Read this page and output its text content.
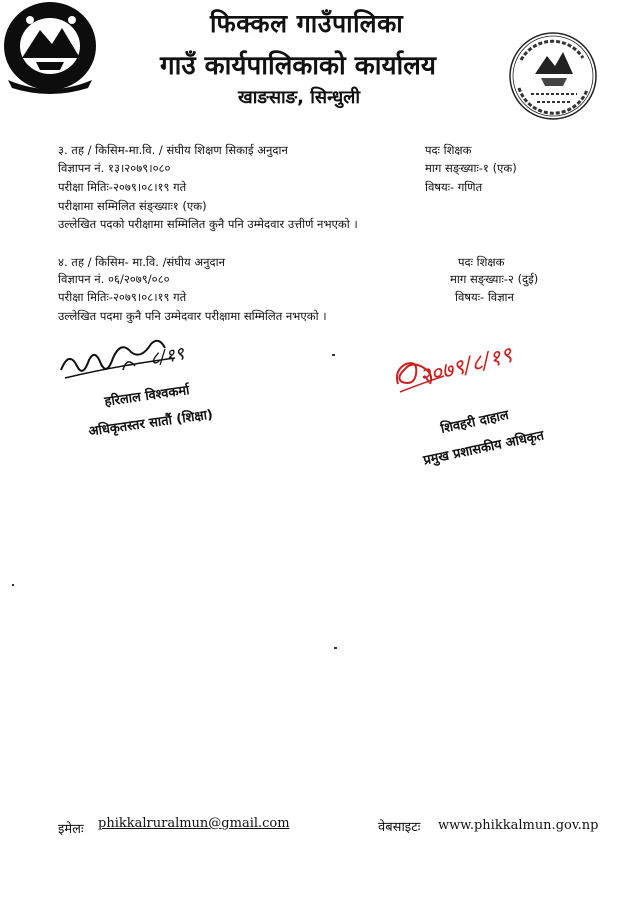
फिक्कल गाउँपालिका
गाउँ कार्यपालिकाको कार्यालय
खाङसाङ, सिन्धुली
३. तह / किसिम-मा.वि. / संघीय शिक्षण सिकाई अनुदान	पदः शिक्षक
विज्ञापन नं. १३।२०७९।०८०	माग सङ्ख्याः-१ (एक)
परीक्षा मितिः-२०७९।०८।१९ गते	विषयः- गणित
परीक्षामा सम्मिलित संङ्ख्याः१ (एक)
उल्लेखित पदको परीक्षामा सम्मिलित कुनै पनि उम्मेदवार उत्तीर्ण नभएको ।
४. तह / किसिम- मा.वि. /संघीय अनुदान	पदः शिक्षक
विज्ञापन नं. ०६/२०७९/०८०	माग सङ्ख्याः-२ (दुई)
परीक्षा मितिः-२०७९।०८।१९ गते	विषयः- विज्ञान
उल्लेखित पदमा कुनै पनि उम्मेदवार परीक्षामा सम्मिलित नभएको ।
८/१९
हरिलाल विश्वकर्मा
अधिकृतस्तर सातौं (शिक्षा)
२०७९/८/१९
शिवहरी दाहाल
प्रमुख प्रशासकीय अधिकृत
इमेलः phikkalruralmun@gmail.com	वेबसाइटः www.phikkalmun.gov.np
